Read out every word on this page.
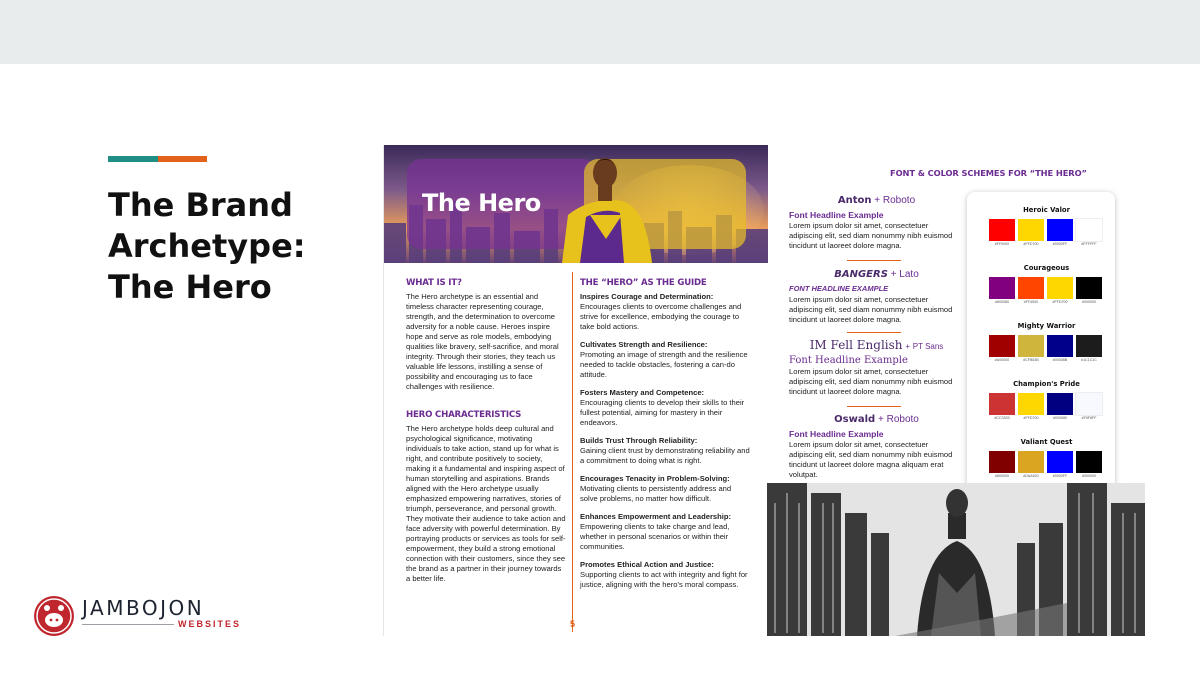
The Brand
Archetype:
The Hero
JAMBOJON
WEBSITES
The Hero
WHAT IS IT?

The Hero archetype is an essential and timeless character representing courage, strength, and the determination to overcome adversity for a noble cause. Heroes inspire hope and serve as role models, embodying qualities like bravery, self-sacrifice, and moral integrity. Through their stories, they teach us valuable life lessons, instilling a sense of possibility and encouraging us to face challenges with resilience.

HERO CHARACTERISTICS

The Hero archetype holds deep cultural and psychological significance, motivating individuals to take action, stand up for what is right, and contribute positively to society, making it a fundamental and inspiring aspect of human storytelling and aspirations. Brands aligned with the Hero archetype usually emphasized empowering narratives, stories of triumph, perseverance, and personal growth. They motivate their audience to take action and face adversity with powerful determination. By portraying products or services as tools for self-empowerment, they build a strong emotional connection with their customers, since they see the brand as a partner in their journey towards a better life.

THE “HERO” AS THE GUIDE
Inspires Courage and Determination:
Encourages clients to overcome challenges and strive for excellence, embodying the courage to take bold actions.
Cultivates Strength and Resilience:
Promoting an image of strength and the resilience needed to tackle obstacles, fostering a can-do attitude.
Fosters Mastery and Competence:
Encouraging clients to develop their skills to their fullest potential, aiming for mastery in their endeavors.
Builds Trust Through Reliability:
Gaining client trust by demonstrating reliability and a commitment to doing what is right.
Encourages Tenacity in Problem-Solving:
Motivating clients to persistently address and solve problems, no matter how difficult.
Enhances Empowerment and Leadership:
Empowering clients to take charge and lead, whether in personal scenarios or within their communities.
Promotes Ethical Action and Justice:
Supporting clients to act with integrity and fight for justice, aligning with the hero's moral compass.
5
FONT & COLOR SCHEMES FOR “THE HERO”
Anton + Roboto
Font Headline Example
Lorem ipsum dolor sit amet, consectetuer adipiscing elit, sed diam nonummy nibh euismod tincidunt ut laoreet dolore magna.
BANGERS + Lato
FONT HEADLINE EXAMPLE
Lorem ipsum dolor sit amet, consectetuer adipiscing elit, sed diam nonummy nibh euismod tincidunt ut laoreet dolore magna.
IM Fell English + PT Sans
Font Headline Example
Lorem ipsum dolor sit amet, consectetuer adipiscing elit, sed diam nonummy nibh euismod tincidunt ut laoreet dolore magna.
Oswald + Roboto
Font Headline Example
Lorem ipsum dolor sit amet, consectetuer adipiscing elit, sed diam nonummy nibh euismod tincidunt ut laoreet dolore magna aliquam erat volutpat.
Heroic Valor
#FF0000	#FFD700	#0000FF	#FFFFFF
Courageous
#800080	#FF4500	#FFD700	#000000
Mighty Warrior
#A00000	#CFB53B	#00008B	#1C1C1C
Champion's Pride
#CC3333	#FFD700	#000080	#F8F8FF
Valiant Quest
#800000	#DAA520	#0000FF	#000000
